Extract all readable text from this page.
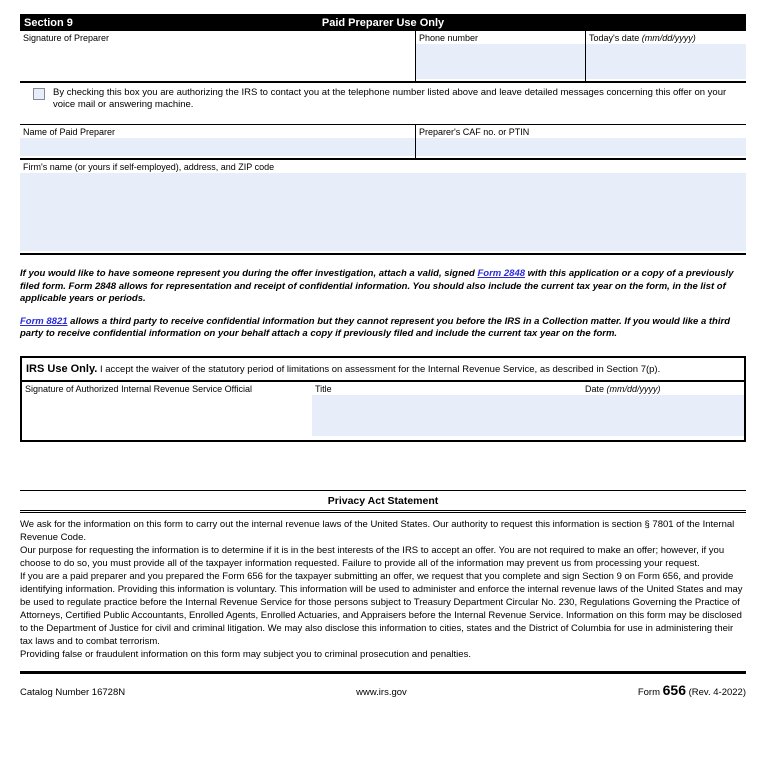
Paid Preparer Use Only
Section 9
Signature of Preparer	Phone number	Today's date (mm/dd/yyyy)
By checking this box you are authorizing the IRS to contact you at the telephone number listed above and leave detailed messages concerning this offer on your voice mail or answering machine.
Name of Paid Preparer	Preparer's CAF no. or PTIN
Firm's name (or yours if self-employed), address, and ZIP code
If you would like to have someone represent you during the offer investigation, attach a valid, signed Form 2848 with this application or a copy of a previously filed form. Form 2848 allows for representation and receipt of confidential information. You should also include the current tax year on the form, in the list of applicable years or periods.
Form 8821 allows a third party to receive confidential information but they cannot represent you before the IRS in a Collection matter. If you would like a third party to receive confidential information on your behalf attach a copy if previously filed and include the current tax year on the form.
IRS Use Only. I accept the waiver of the statutory period of limitations on assessment for the Internal Revenue Service, as described in Section 7(p).
Signature of Authorized Internal Revenue Service Official	Title	Date (mm/dd/yyyy)
Privacy Act Statement
We ask for the information on this form to carry out the internal revenue laws of the United States. Our authority to request this information is section § 7801 of the Internal Revenue Code.
Our purpose for requesting the information is to determine if it is in the best interests of the IRS to accept an offer. You are not required to make an offer; however, if you choose to do so, you must provide all of the taxpayer information requested. Failure to provide all of the information may prevent us from processing your request.
If you are a paid preparer and you prepared the Form 656 for the taxpayer submitting an offer, we request that you complete and sign Section 9 on Form 656, and provide identifying information. Providing this information is voluntary. This information will be used to administer and enforce the internal revenue laws of the United States and may be used to regulate practice before the Internal Revenue Service for those persons subject to Treasury Department Circular No. 230, Regulations Governing the Practice of Attorneys, Certified Public Accountants, Enrolled Agents, Enrolled Actuaries, and Appraisers before the Internal Revenue Service. Information on this form may be disclosed to the Department of Justice for civil and criminal litigation. We may also disclose this information to cities, states and the District of Columbia for use in administering their tax laws and to combat terrorism.
Providing false or fraudulent information on this form may subject you to criminal prosecution and penalties.
Catalog Number 16728N	www.irs.gov	Form 656 (Rev. 4-2022)
